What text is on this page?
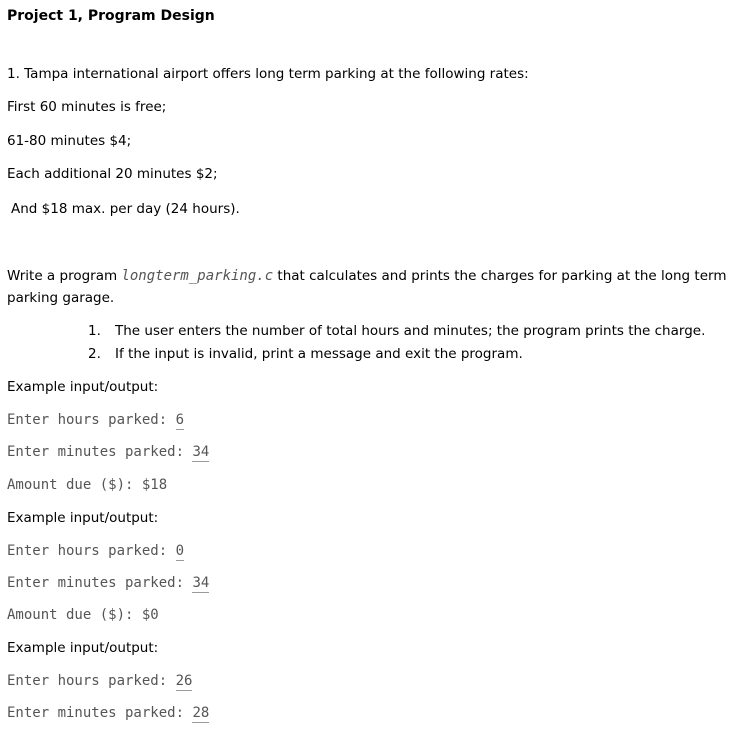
Project 1, Program Design
1. Tampa international airport offers long term parking at the following rates:
First 60 minutes is free;
61-80 minutes $4;
Each additional 20 minutes $2;
And $18 max. per day (24 hours).
Write a program longterm_parking.c that calculates and prints the charges for parking at the long term parking garage.
1. The user enters the number of total hours and minutes; the program prints the charge.
2. If the input is invalid, print a message and exit the program.
Example input/output:
Enter hours parked: 6
Enter minutes parked: 34
Amount due ($): $18
Example input/output:
Enter hours parked: 0
Enter minutes parked: 34
Amount due ($): $0
Example input/output:
Enter hours parked: 26
Enter minutes parked: 28
